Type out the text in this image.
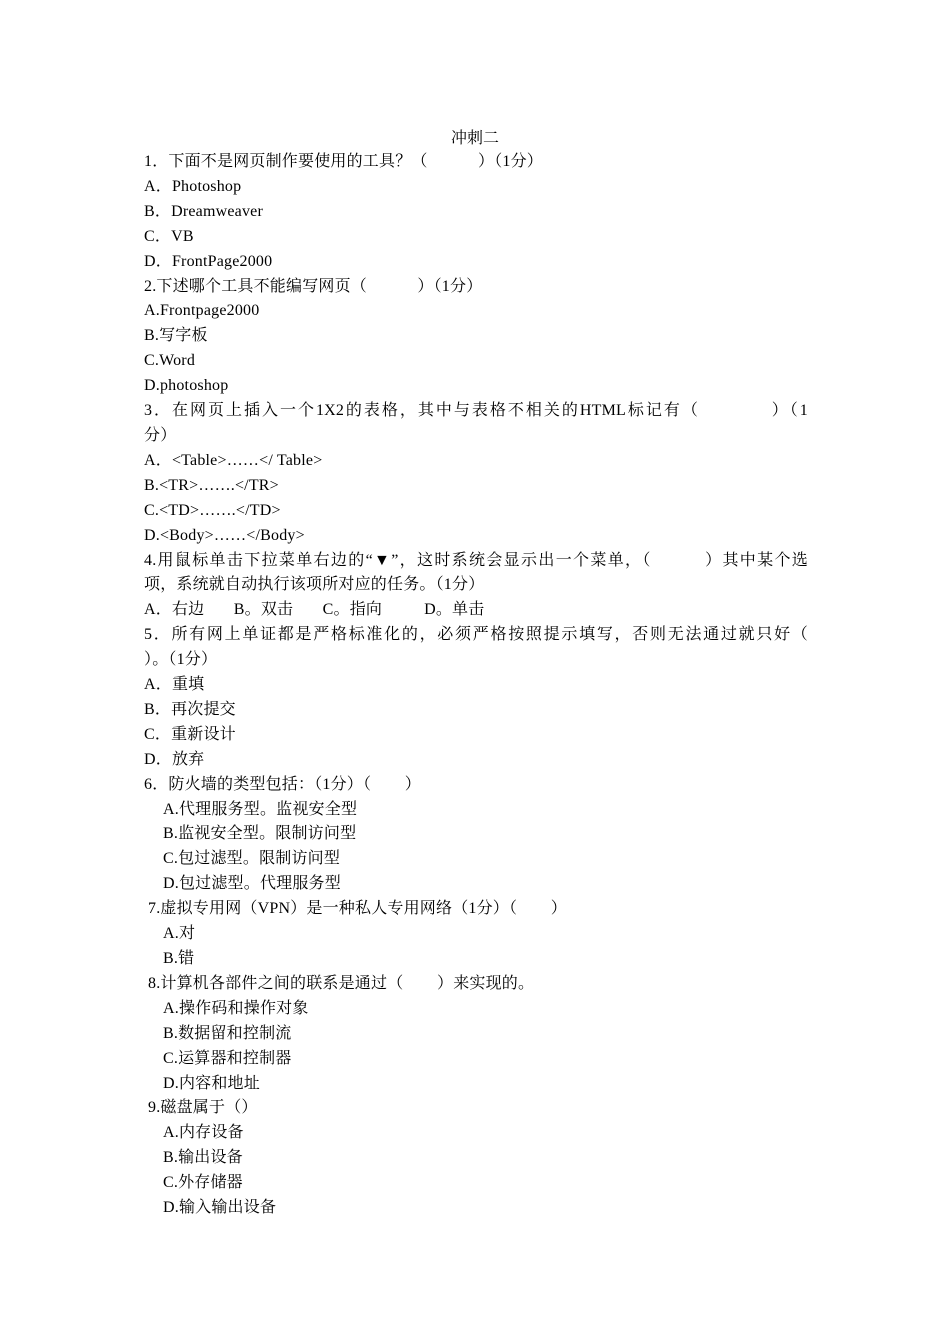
冲刺二
1．下面不是网页制作要使用的工具？（            ）（1分）
A．Photoshop
B．Dreamweaver
C．VB
D．FrontPage2000
2.下述哪个工具不能编写网页（            ）（1分）
A.Frontpage2000
B.写字板
C.Word
D.photoshop
3．在网页上插入一个1X2的表格，其中与表格不相关的HTML标记有（            ）（1
分）
A．<Table>……</ Table>
B.<TR>…….</TR>
C.<TD>…….</TD>
D.<Body>……</Body>
4.用鼠标单击下拉菜单右边的“▼”，这时系统会显示出一个菜单，（          ）其中某个选
项，系统就自动执行该项所对应的任务。（1分）
A．右边       B。双击       C。指向          D。单击
5．所有网上单证都是严格标准化的，必须严格按照提示填写，否则无法通过就只好（
）。（1分）
A．重填
B．再次提交
C．重新设计
D．放弃
6．防火墙的类型包括：（1分）（        ）
A.代理服务型。监视安全型
B.监视安全型。限制访问型
C.包过滤型。限制访问型
D.包过滤型。代理服务型
7.虚拟专用网（VPN）是一种私人专用网络（1分）（        ）
A.对
B.错
8.计算机各部件之间的联系是通过（        ）来实现的。
A.操作码和操作对象
B.数据留和控制流
C.运算器和控制器
D.内容和地址
9.磁盘属于（）
A.内存设备
B.输出设备
C.外存储器
D.输入输出设备
